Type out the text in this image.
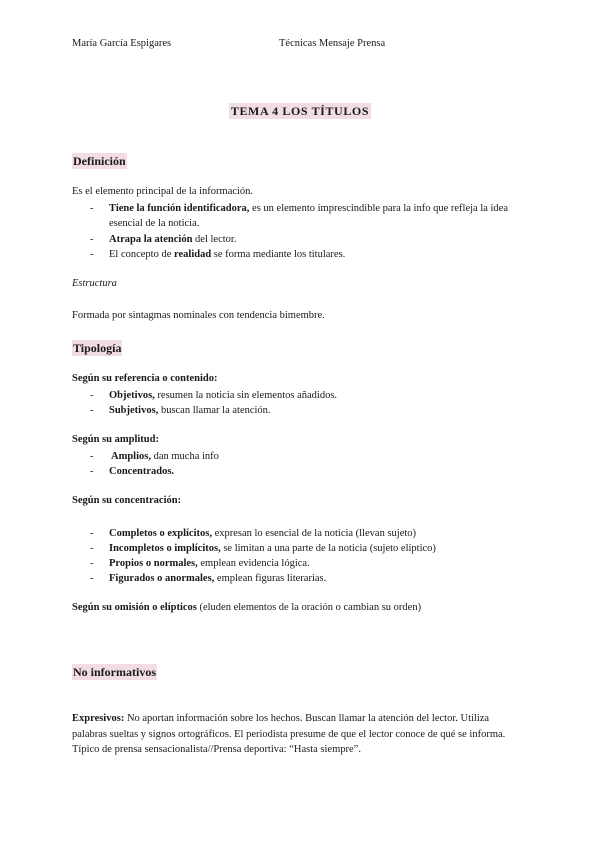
María García Espigares	Técnicas Mensaje Prensa
TEMA 4 LOS TÍTULOS
Definición
Es el elemento principal de la información.
- Tiene la función identificadora, es un elemento imprescindible para la info que refleja la idea esencial de la noticia.
- Atrapa la atención del lector.
- El concepto de realidad se forma mediante los titulares.
Estructura
Formada por sintagmas nominales con tendencia bimembre.
Tipología
Según su referencia o contenido:
- Objetivos, resumen la noticia sin elementos añadidos.
- Subjetivos, buscan llamar la atención.
Según su amplitud:
- Amplios, dan mucha info
- Concentrados.
Según su concentración:
- Completos o explícitos, expresan lo esencial de la noticia (llevan sujeto)
- Incompletos o implícitos, se limitan a una parte de la noticia (sujeto elíptico)
- Propios o normales, emplean evidencia lógica.
- Figurados o anormales, emplean figuras literarias.
Según su omisión o elípticos (eluden elementos de la oración o cambian su orden)
No informativos
Expresivos: No aportan información sobre los hechos. Buscan llamar la atención del lector. Utiliza palabras sueltas y signos ortográficos. El periodista presume de que el lector conoce de qué se informa. Típico de prensa sensacionalista//Prensa deportiva: “Hasta siempre”.
